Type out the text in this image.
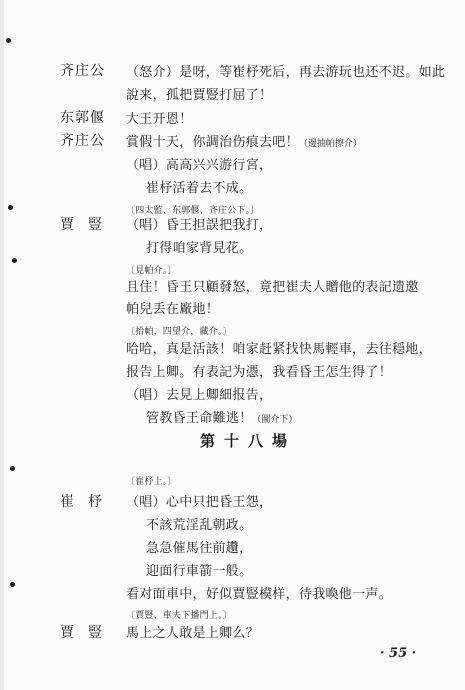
齐庄公 （怒介）是呀，等崔杼死后，再去游玩也还不迟。如此
說来，孤把賈豎打屈了！
东郭偃 大王开恩！
齐庄公 賞假十天，你調治伤痕去吧！（邊抽帕擦介）
（唱）高高兴兴游行宮，
崔杼活着去不成。
〔四太監、东郭偃、齐庄公下。〕
賈豎 （唱）昏王担誤把我打，
打得咱家背見花。
〔見帕介。〕
且住！昏王只顧發怒，竟把崔夫人贈他的表記遗邀
帕兒丢在廠地！
〔拾帕，四望介，藏介。〕
哈哈，真是活該！咱家赶紧找快馬輕車，去往穏地，
报告上卿。有表記为憑，我看昏王怎生得了！
（唱）去見上卿細报告，
管教昏王命難逃！（圖介下）
第十八場
〔崔杼上。〕
崔杼 （唱）心中只把昏王怨，
不該荒淫乱朝政。
急急催馬往前趲，
迎面行車箭一般。
看对面車中，好似賈豎模样，待我喚他一声。
〔賈豎、車夫下播門上。〕
賈豎 馬上之人敢是上卿么？
· 55 ·
